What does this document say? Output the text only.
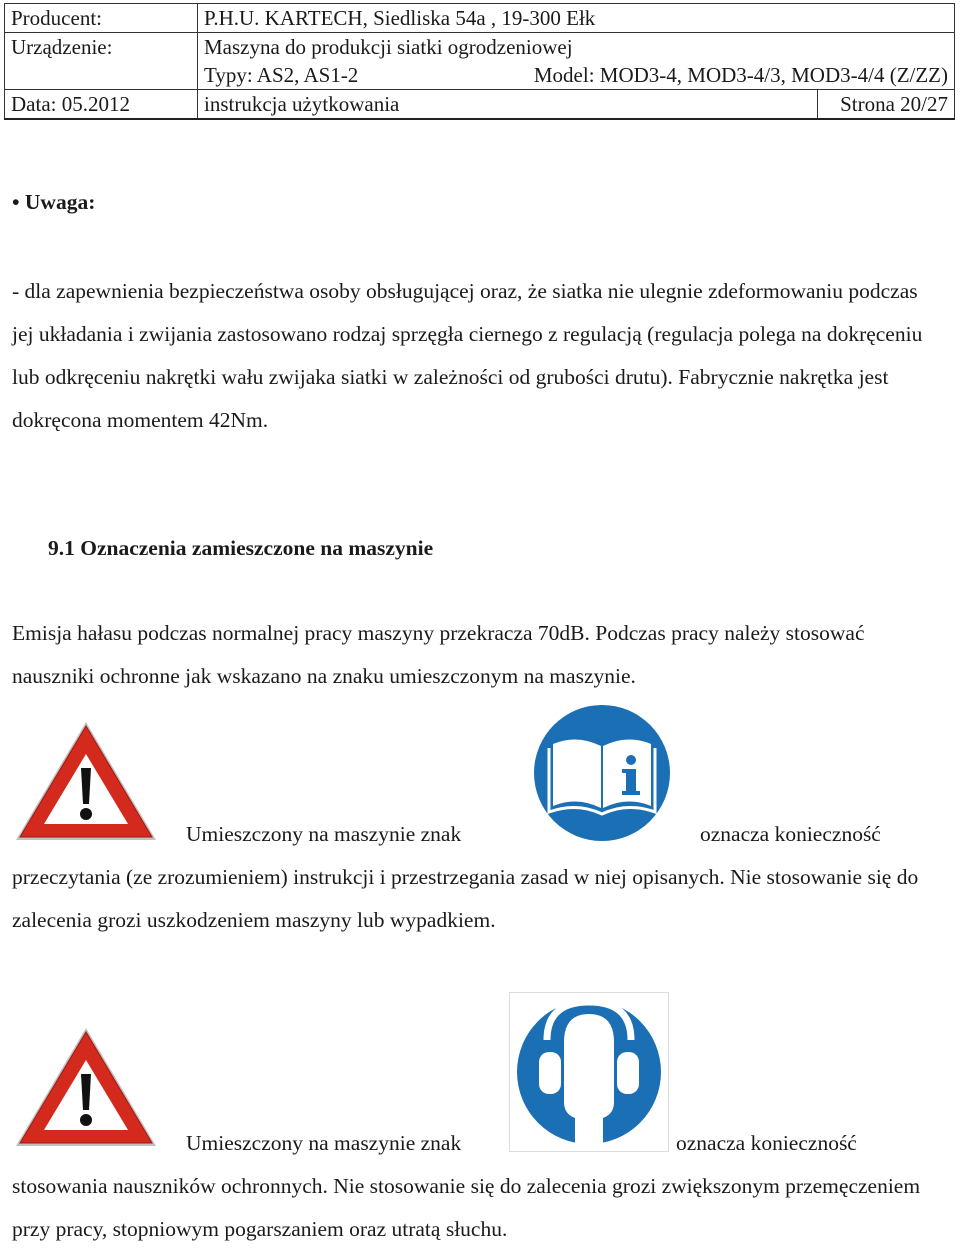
Producent:	P.H.U. KARTECH, Siedliska 54a , 19-300 Ełk	
Urządzenie:	Maszyna do produkcji siatki ogrodzeniowej
Typy: AS2, AS1-2 Model: MOD3-4, MOD3-4/3, MOD3-4/4 (Z/ZZ)	

Data: 05.2012	instrukcja użytkowania	Strona 20/27
• Uwaga:
- dla zapewnienia bezpieczeństwa osoby obsługującej oraz, że siatka nie ulegnie zdeformowaniu podczas jej układania i zwijania zastosowano rodzaj sprzęgła ciernego z regulacją (regulacja polega na dokręceniu lub odkręceniu nakrętki wału zwijaka siatki w zależności od grubości drutu). Fabrycznie nakrętka jest dokręcona momentem 42Nm.
9.1 Oznaczenia zamieszczone na maszynie
Emisja hałasu podczas normalnej pracy maszyny przekracza 70dB. Podczas pracy należy stosować nauszniki ochronne jak wskazano na znaku umieszczonym na maszynie.
Umieszczony na maszynie znak	oznacza konieczność
przeczytania (ze zrozumieniem) instrukcji i przestrzegania zasad w niej opisanych. Nie stosowanie się do zalecenia grozi uszkodzeniem maszyny lub wypadkiem.
Umieszczony na maszynie znak	oznacza konieczność
stosowania nauszników ochronnych. Nie stosowanie się do zalecenia grozi zwiększonym przemęczeniem przy pracy, stopniowym pogarszaniem oraz utratą słuchu.
